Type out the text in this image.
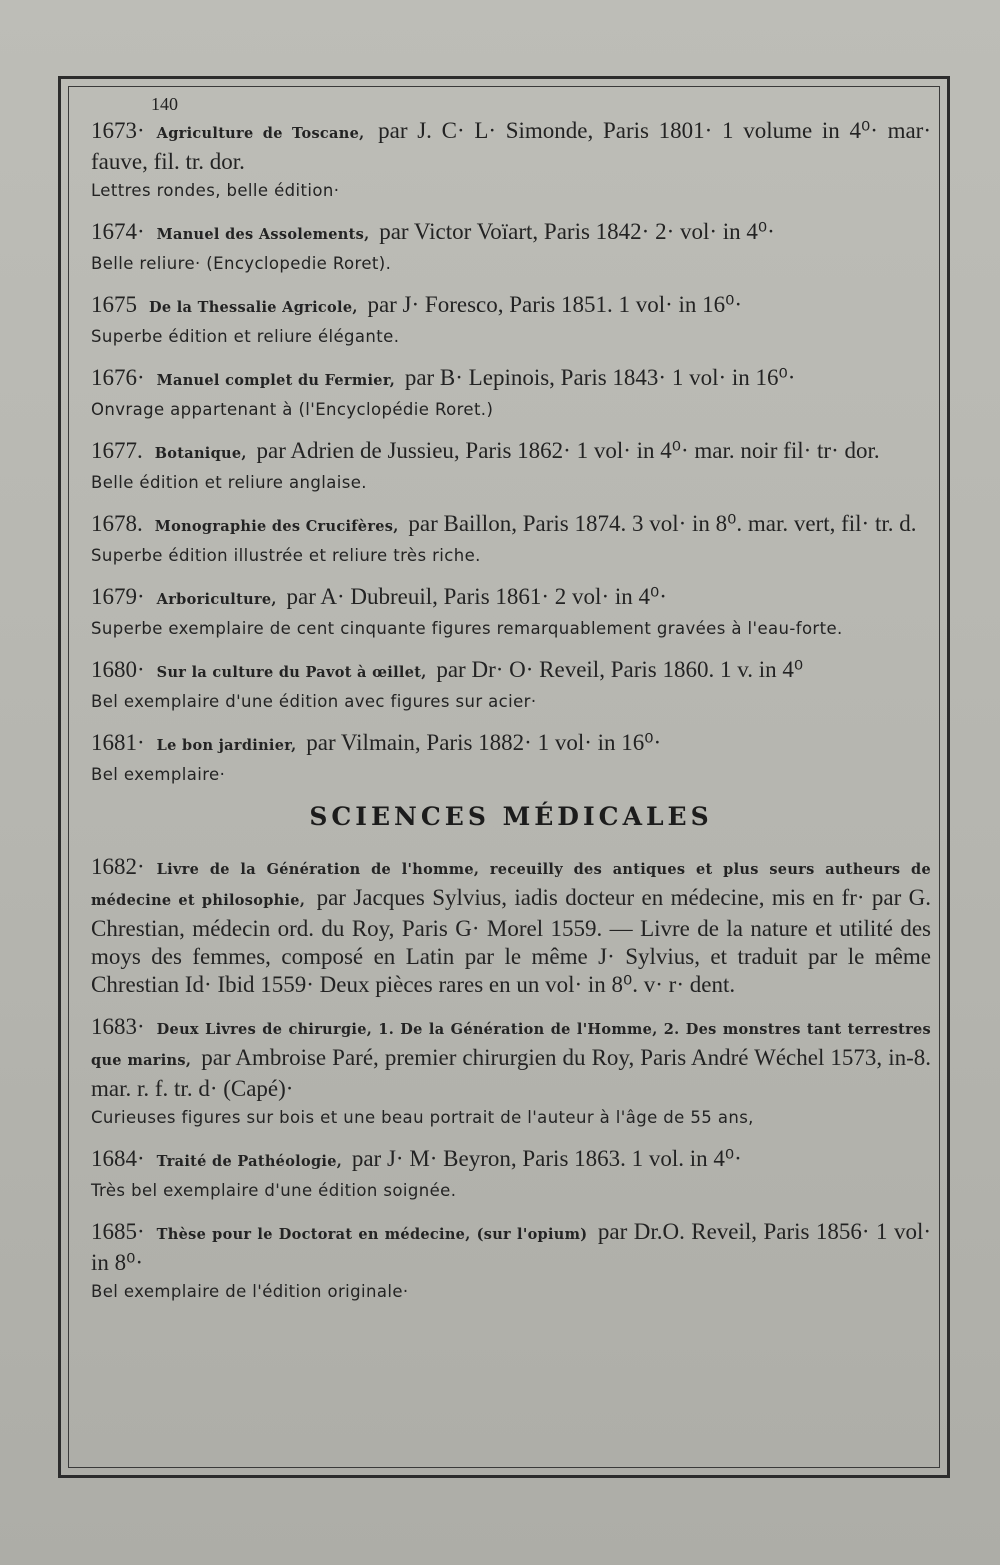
140
1673· Agriculture de Toscane, par J. C· L· Simonde, Paris 1801· 1 volume in 4⁰· mar· fauve, fil. tr. dor.
Lettres rondes, belle édition·
1674· Manuel des Assolements, par Victor Voïart, Paris 1842· 2· vol· in 4⁰·
Belle reliure· (Encyclopedie Roret).
1675 De la Thessalie Agricole, par J· Foresco, Paris 1851. 1 vol· in 16⁰·
Superbe édition et reliure élégante.
1676· Manuel complet du Fermier, par B· Lepinois, Paris 1843· 1 vol· in 16⁰·
Onvrage appartenant à (l'Encyclopédie Roret.)
1677. Botanique, par Adrien de Jussieu, Paris 1862· 1 vol· in 4⁰· mar. noir fil· tr· dor.
Belle édition et reliure anglaise.
1678. Monographie des Crucifères, par Baillon, Paris 1874. 3 vol· in 8⁰. mar. vert, fil· tr. d.
Superbe édition illustrée et reliure très riche.
1679· Arboriculture, par A· Dubreuil, Paris 1861· 2 vol· in 4⁰·
Superbe exemplaire de cent cinquante figures remarquablement gravées à l'eau-forte.
1680· Sur la culture du Pavot à œillet, par Dr· O· Reveil, Paris 1860. 1 v. in 4⁰
Bel exemplaire d'une édition avec figures sur acier·
1681· Le bon jardinier, par Vilmain, Paris 1882· 1 vol· in 16⁰·
Bel exemplaire·
SCIENCES MÉDICALES
1682· Livre de la Génération de l'homme, receuilly des antiques et plus seurs autheurs de médecine et philosophie, par Jacques Sylvius, iadis docteur en médecine, mis en fr· par G. Chrestian, médecin ord. du Roy, Paris G· Morel 1559. — Livre de la nature et utilité des moys des femmes, composé en Latin par le même J· Sylvius, et traduit par le même Chrestian Id· Ibid 1559· Deux pièces rares en un vol· in 8⁰. v· r· dent.
1683· Deux Livres de chirurgie, 1. De la Génération de l'Homme, 2. Des monstres tant terrestres que marins, par Ambroise Paré, premier chirurgien du Roy, Paris André Wéchel 1573, in-8. mar. r. f. tr. d· (Capé)·
Curieuses figures sur bois et une beau portrait de l'auteur à l'âge de 55 ans,
1684· Traité de Pathéologie, par J· M· Beyron, Paris 1863. 1 vol. in 4⁰·
Très bel exemplaire d'une édition soignée.
1685· Thèse pour le Doctorat en médecine, (sur l'opium) par Dr.O. Reveil, Paris 1856· 1 vol· in 8⁰·
Bel exemplaire de l'édition originale·
